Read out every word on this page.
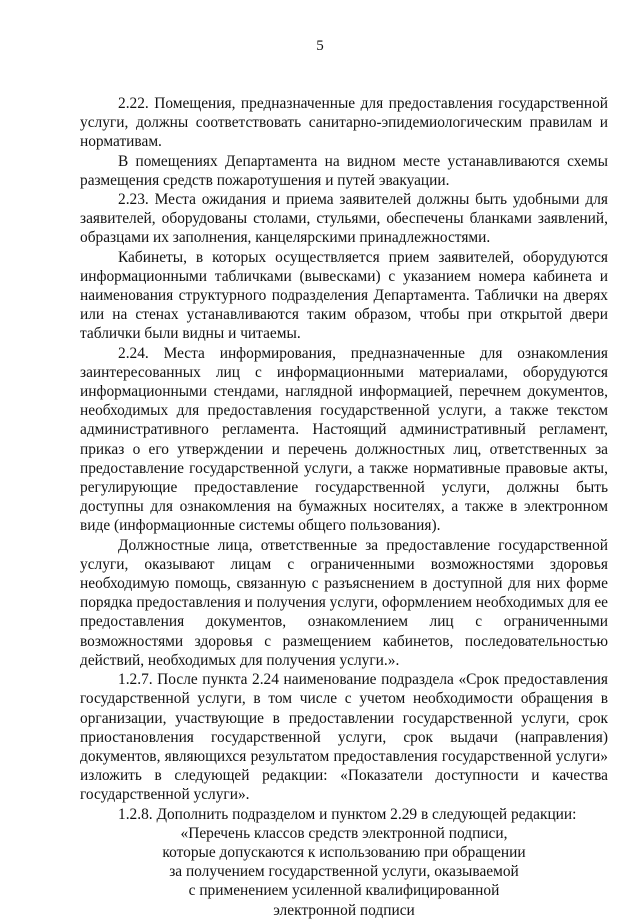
5

2.22. Помещения, предназначенные для предоставления государственной услуги, должны соответствовать санитарно-эпидемиологическим правилам и нормативам.

В помещениях Департамента на видном месте устанавливаются схемы размещения средств пожаротушения и путей эвакуации.

2.23. Места ожидания и приема заявителей должны быть удобными для заявителей, оборудованы столами, стульями, обеспечены бланками заявлений, образцами их заполнения, канцелярскими принадлежностями.

Кабинеты, в которых осуществляется прием заявителей, оборудуются информационными табличками (вывесками) с указанием номера кабинета и наименования структурного подразделения Департамента. Таблички на дверях или на стенах устанавливаются таким образом, чтобы при открытой двери таблички были видны и читаемы.

2.24. Места информирования, предназначенные для ознакомления заинтересованных лиц с информационными материалами, оборудуются информационными стендами, наглядной информацией, перечнем документов, необходимых для предоставления государственной услуги, а также текстом административного регламента. Настоящий административный регламент, приказ о его утверждении и перечень должностных лиц, ответственных за предоставление государственной услуги, а также нормативные правовые акты, регулирующие предоставление государственной услуги, должны быть доступны для ознакомления на бумажных носителях, а также в электронном виде (информационные системы общего пользования).

Должностные лица, ответственные за предоставление государственной услуги, оказывают лицам с ограниченными возможностями здоровья необходимую помощь, связанную с разъяснением в доступной для них форме порядка предоставления и получения услуги, оформлением необходимых для ее предоставления документов, ознакомлением лиц с ограниченными возможностями здоровья с размещением кабинетов, последовательностью действий, необходимых для получения услуги.».

1.2.7. После пункта 2.24 наименование подраздела «Срок предоставления государственной услуги, в том числе с учетом необходимости обращения в организации, участвующие в предоставлении государственной услуги, срок приостановления государственной услуги, срок выдачи (направления) документов, являющихся результатом предоставления государственной услуги» изложить в следующей редакции: «Показатели доступности и качества государственной услуги».

1.2.8. Дополнить подразделом и пунктом 2.29 в следующей редакции:

«Перечень классов средств электронной подписи,
которые допускаются к использованию при обращении
за получением государственной услуги, оказываемой
с применением усиленной квалифицированной
электронной подписи
